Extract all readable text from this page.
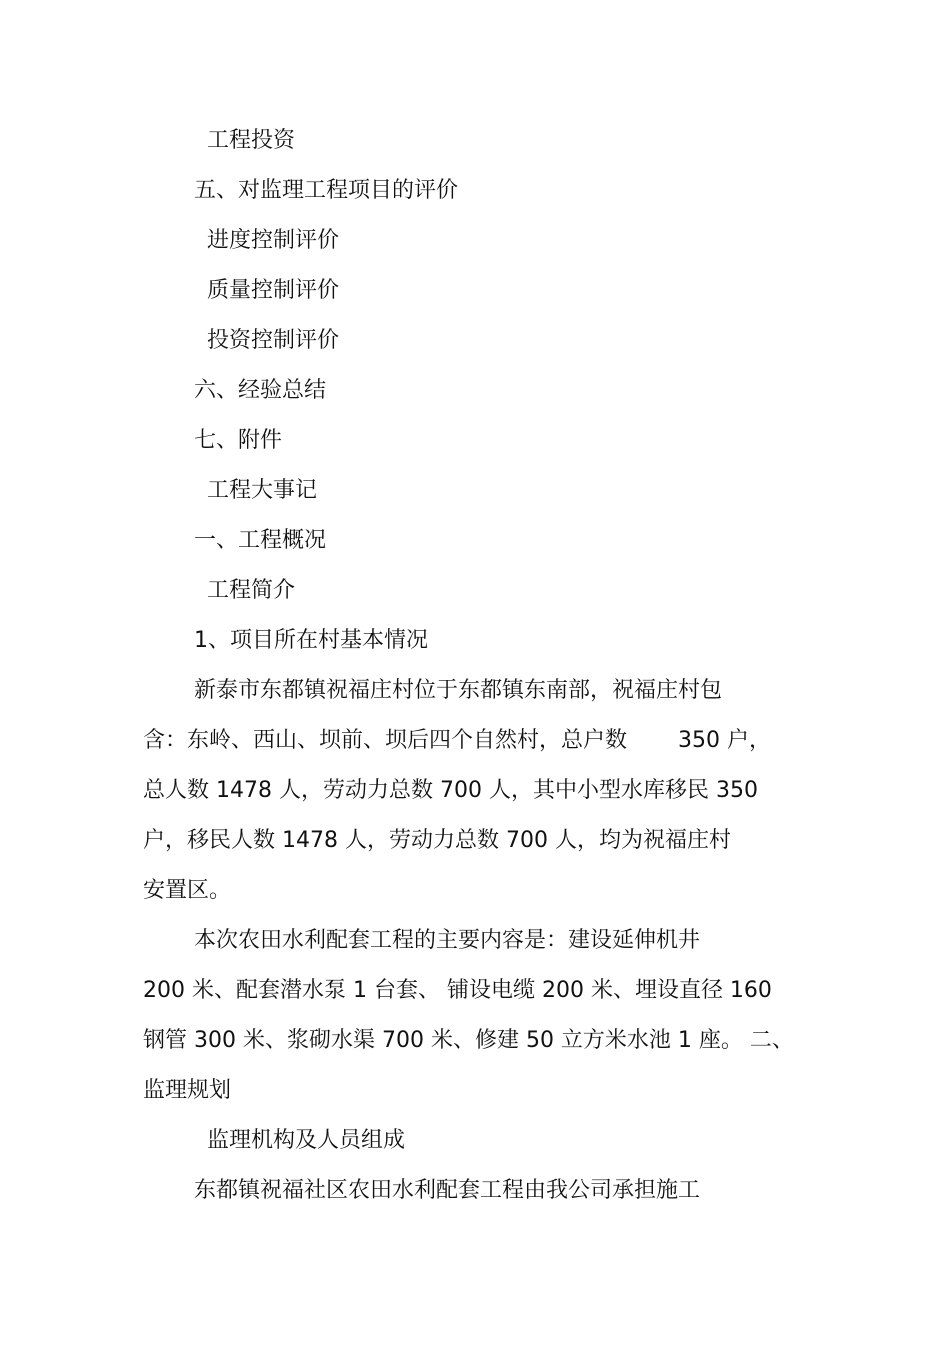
工程投资
五、对监理工程项目的评价
进度控制评价
质量控制评价
投资控制评价
六、经验总结
七、附件
工程大事记
一、工程概况
工程简介
1、项目所在村基本情况
新泰市东都镇祝福庄村位于东都镇东南部，祝福庄村包
含：东岭、西山、坝前、坝后四个自然村，总户数　　 350 户，
总人数 1478 人，劳动力总数 700 人，其中小型水库移民 350
户，移民人数 1478 人，劳动力总数 700 人，均为祝福庄村
安置区。
本次农田水利配套工程的主要内容是：建设延伸机井
200 米、配套潜水泵 1 台套、 铺设电缆 200 米、埋设直径 160
钢管 300 米、浆砌水渠 700 米、修建 50 立方米水池 1 座。 二、
监理规划
监理机构及人员组成
东都镇祝福社区农田水利配套工程由我公司承担施工
